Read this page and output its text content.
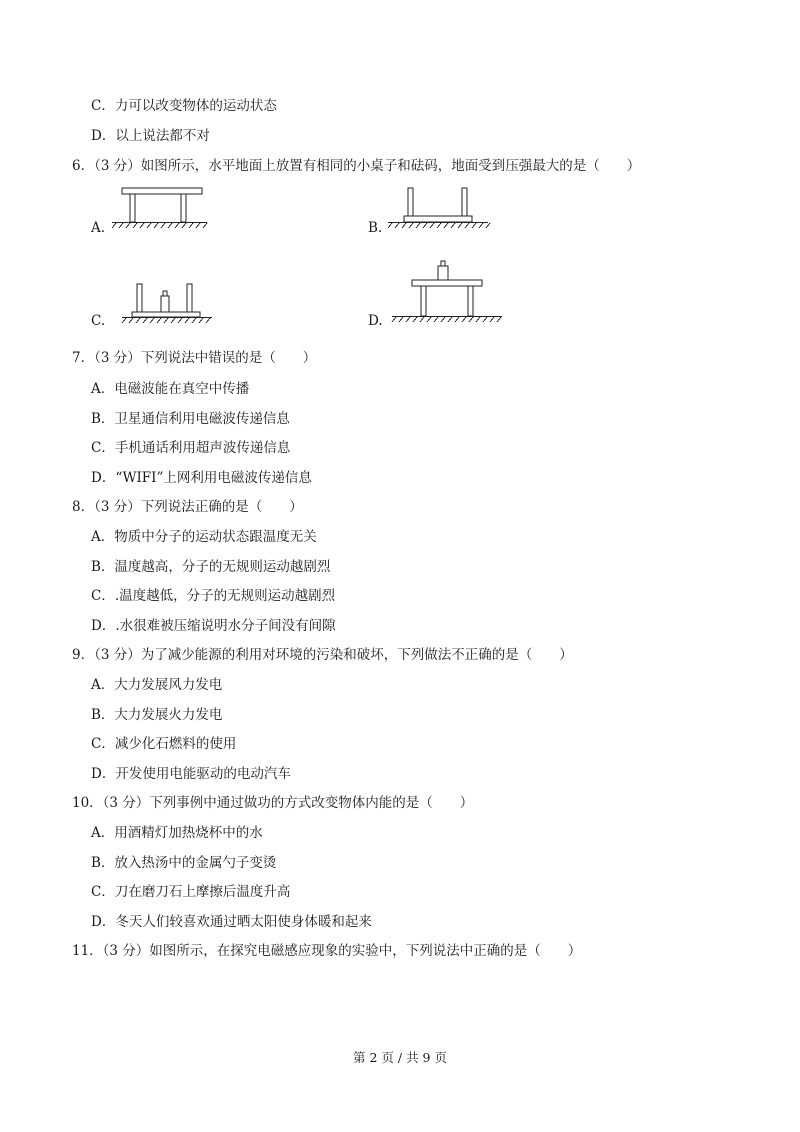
C．力可以改变物体的运动状态
D．以上说法都不对
6．（3 分）如图所示，水平地面上放置有相同的小桌子和砝码，地面受到压强最大的是（　　）
A.	B.
C.	D.
7．（3 分）下列说法中错误的是（　　）
A．电磁波能在真空中传播
B．卫星通信利用电磁波传递信息
C．手机通话利用超声波传递信息
D．“WIFI”上网利用电磁波传递信息
8．（3 分）下列说法正确的是（　　）
A．物质中分子的运动状态跟温度无关
B．温度越高，分子的无规则运动越剧烈
C．.温度越低，分子的无规则运动越剧烈
D．.水很难被压缩说明水分子间没有间隙
9．（3 分）为了减少能源的利用对环境的污染和破坏，下列做法不正确的是（　　）
A．大力发展风力发电
B．大力发展火力发电
C．减少化石燃料的使用
D．开发使用电能驱动的电动汽车
10．（3 分）下列事例中通过做功的方式改变物体内能的是（　　）
A．用酒精灯加热烧杯中的水
B．放入热汤中的金属勺子变烫
C．刀在磨刀石上摩擦后温度升高
D．冬天人们较喜欢通过晒太阳使身体暖和起来
11．（3 分）如图所示，在探究电磁感应现象的实验中，下列说法中正确的是（　　）
第 2 页 / 共 9 页
